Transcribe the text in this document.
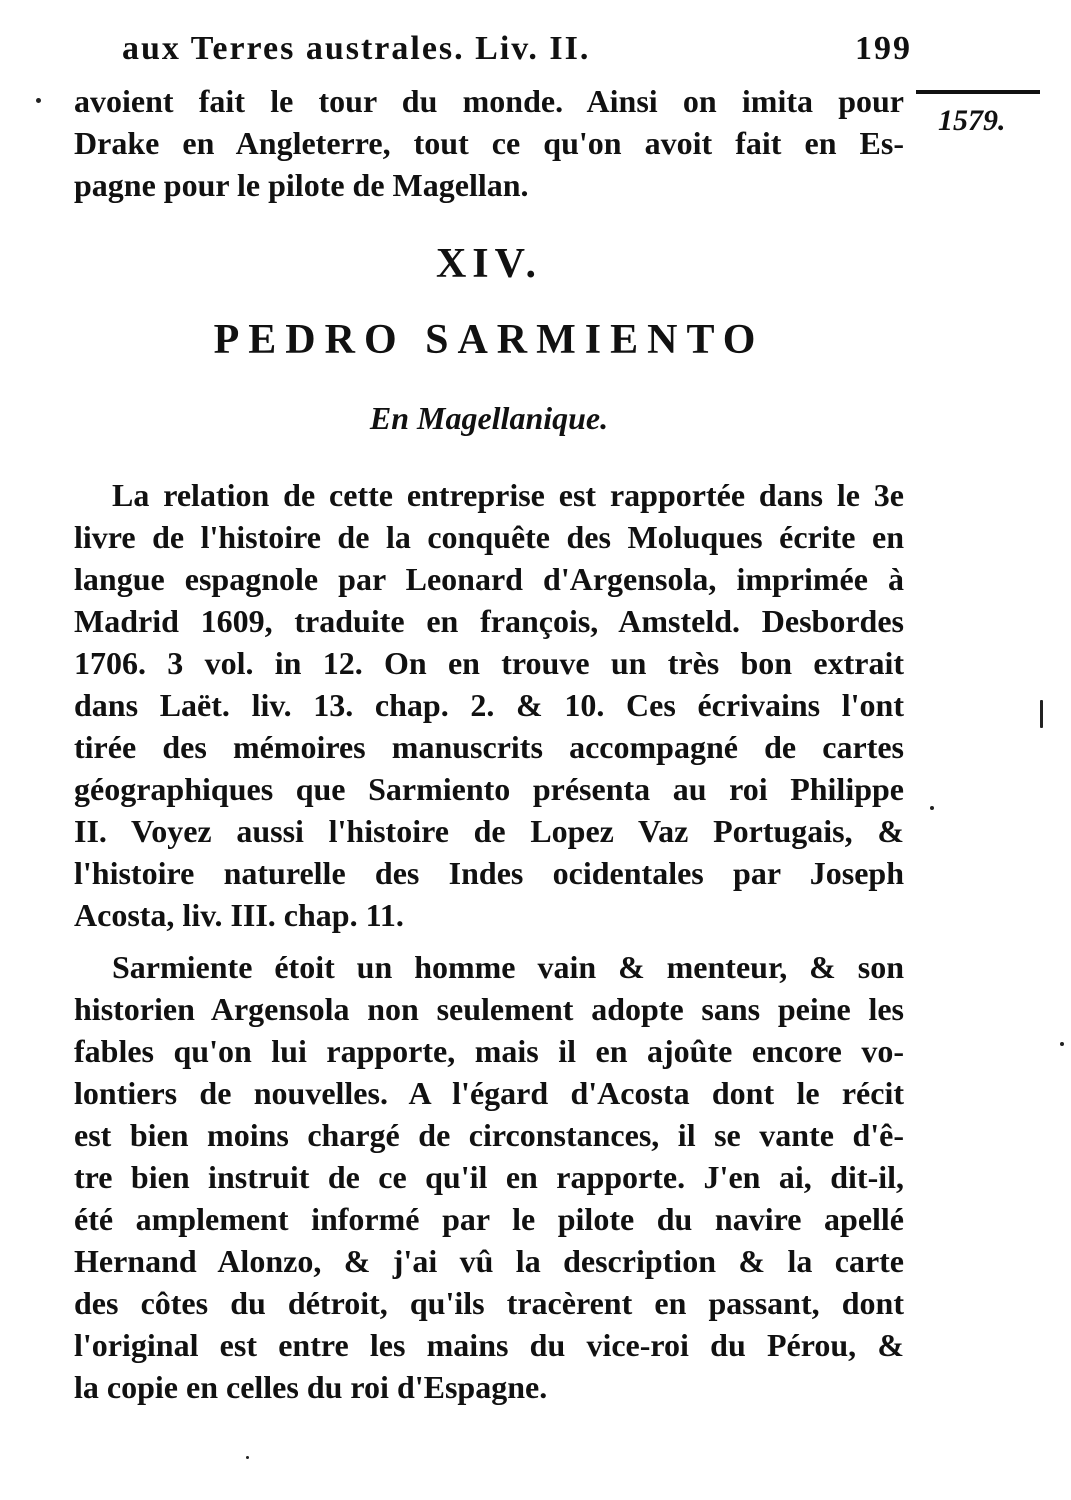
aux Terres australes. Liv. II.	199
1579.
avoient fait le tour du monde. Ainsi on imita pour
Drake en Angleterre, tout ce qu'on avoit fait en Es-
pagne pour le pilote de Magellan.
XIV.
PEDRO SARMIENTO
En Magellanique.
La relation de cette entreprise est rapportée dans le 3e
livre de l'histoire de la conquête des Moluques écrite en
langue espagnole par Leonard d'Argensola, imprimée à
Madrid 1609, traduite en françois, Amsteld. Desbordes
1706. 3 vol. in 12. On en trouve un très bon extrait
dans Laët. liv. 13. chap. 2. & 10. Ces écrivains l'ont
tirée des mémoires manuscrits accompagné de cartes
géographiques que Sarmiento présenta au roi Philippe
II. Voyez aussi l'histoire de Lopez Vaz Portugais, &
l'histoire naturelle des Indes ocidentales par Joseph
Acosta, liv. III. chap. 11.
Sarmiente étoit un homme vain & menteur, & son
historien Argensola non seulement adopte sans peine les
fables qu'on lui rapporte, mais il en ajoûte encore vo-
lontiers de nouvelles. A l'égard d'Acosta dont le récit
est bien moins chargé de circonstances, il se vante d'ê-
tre bien instruit de ce qu'il en rapporte. J'en ai, dit-il,
été amplement informé par le pilote du navire apellé
Hernand Alonzo, & j'ai vû la description & la carte
des côtes du détroit, qu'ils tracèrent en passant, dont
l'original est entre les mains du vice-roi du Pérou, &
la copie en celles du roi d'Espagne.
